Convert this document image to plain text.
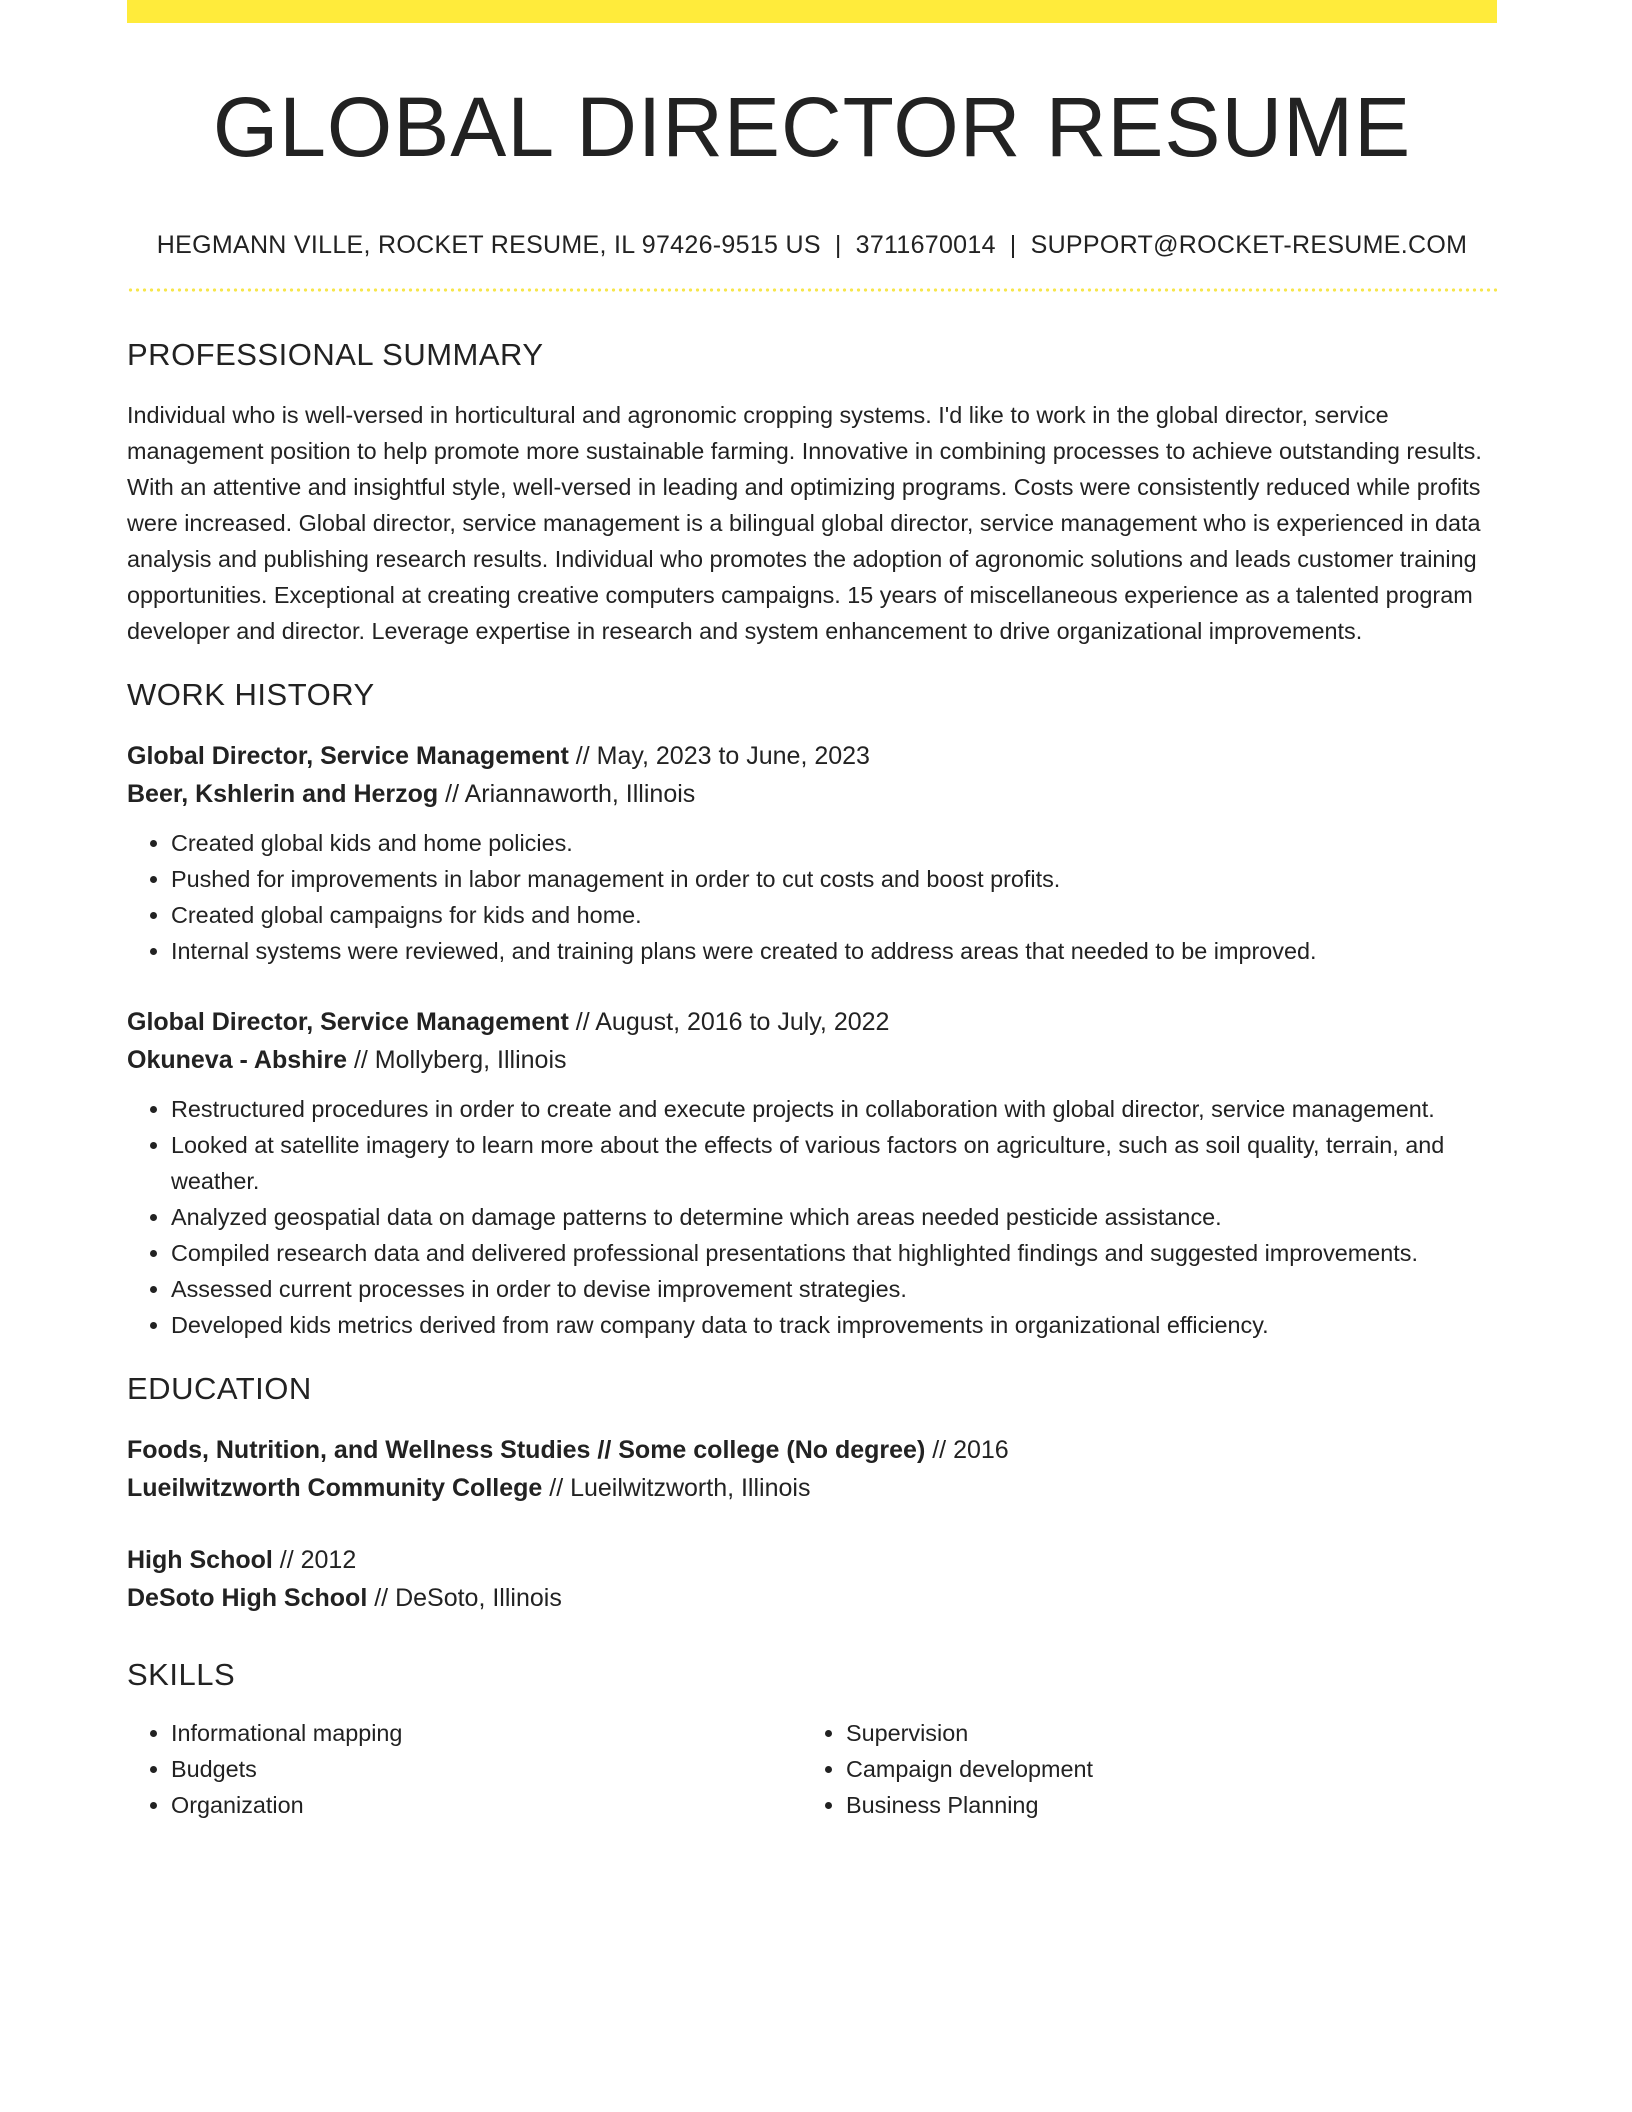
GLOBAL DIRECTOR RESUME
HEGMANN VILLE, ROCKET RESUME, IL 97426-9515 US | 3711670014 | SUPPORT@ROCKET-RESUME.COM
PROFESSIONAL SUMMARY

Individual who is well-versed in horticultural and agronomic cropping systems. I'd like to work in the global director, service management position to help promote more sustainable farming. Innovative in combining processes to achieve outstanding results. With an attentive and insightful style, well-versed in leading and optimizing programs. Costs were consistently reduced while profits were increased. Global director, service management is a bilingual global director, service management who is experienced in data analysis and publishing research results. Individual who promotes the adoption of agronomic solutions and leads customer training opportunities. Exceptional at creating creative computers campaigns. 15 years of miscellaneous experience as a talented program developer and director. Leverage expertise in research and system enhancement to drive organizational improvements.

WORK HISTORY
Global Director, Service Management // May, 2023 to June, 2023
Beer, Kshlerin and Herzog // Ariannaworth, Illinois
• Created global kids and home policies.
• Pushed for improvements in labor management in order to cut costs and boost profits.
• Created global campaigns for kids and home.
• Internal systems were reviewed, and training plans were created to address areas that needed to be improved.
Global Director, Service Management // August, 2016 to July, 2022
Okuneva - Abshire // Mollyberg, Illinois
• Restructured procedures in order to create and execute projects in collaboration with global director, service management.
• Looked at satellite imagery to learn more about the effects of various factors on agriculture, such as soil quality, terrain, and weather.
• Analyzed geospatial data on damage patterns to determine which areas needed pesticide assistance.
• Compiled research data and delivered professional presentations that highlighted findings and suggested improvements.
• Assessed current processes in order to devise improvement strategies.
• Developed kids metrics derived from raw company data to track improvements in organizational efficiency.
EDUCATION
Foods, Nutrition, and Wellness Studies // Some college (No degree) // 2016
Lueilwitzworth Community College // Lueilwitzworth, Illinois
High School // 2012
DeSoto High School // DeSoto, Illinois
SKILLS
• Informational mapping
• Budgets
• Organization
• Supervision
• Campaign development
• Business Planning
